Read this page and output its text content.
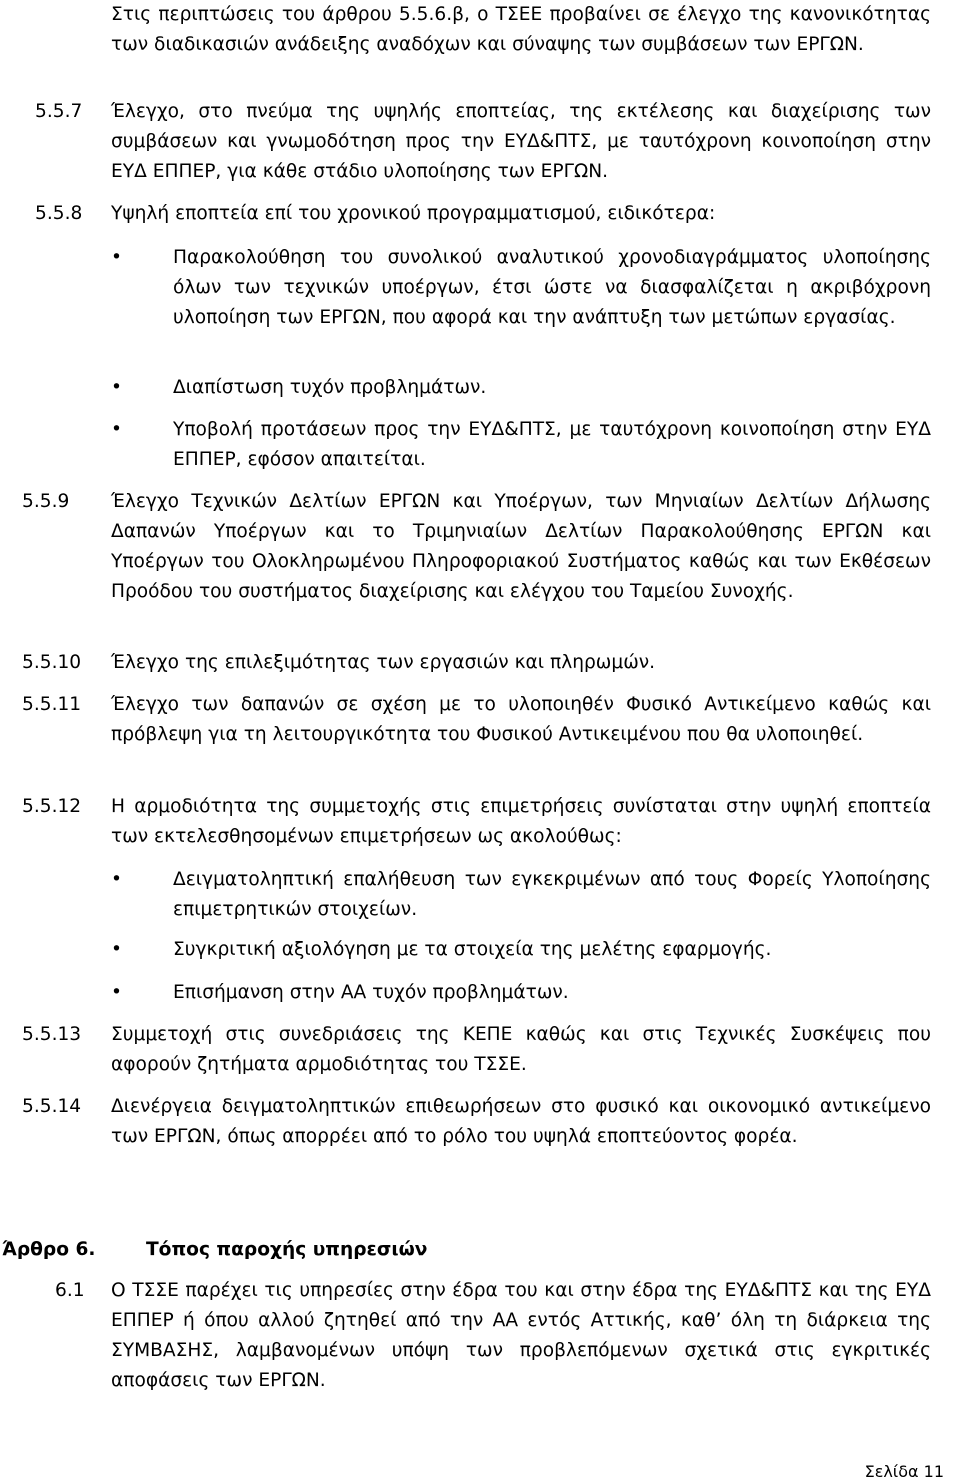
Στις περιπτώσεις του άρθρου 5.5.6.β, ο ΤΣΕΕ προβαίνει σε έλεγχο της κανονικότητας των διαδικασιών ανάδειξης αναδόχων και σύναψης των συμβάσεων των ΕΡΓΩΝ.
5.5.7 Έλεγχο, στο πνεύμα της υψηλής εποπτείας, της εκτέλεσης και διαχείρισης των συμβάσεων και γνωμοδότηση προς την ΕΥΔ&ΠΤΣ, με ταυτόχρονη κοινοποίηση στην ΕΥΔ ΕΠΠΕΡ, για κάθε στάδιο υλοποίησης των ΕΡΓΩΝ.
5.5.8 Υψηλή εποπτεία επί του χρονικού προγραμματισμού, ειδικότερα:
•	Παρακολούθηση του συνολικού αναλυτικού χρονοδιαγράμματος υλοποίησης όλων των τεχνικών υποέργων, έτσι ώστε να διασφαλίζεται η ακριβόχρονη υλοποίηση των ΕΡΓΩΝ, που αφορά και την ανάπτυξη των μετώπων εργασίας.
•	Διαπίστωση τυχόν προβλημάτων.
•	Υποβολή προτάσεων προς την ΕΥΔ&ΠΤΣ, με ταυτόχρονη κοινοποίηση στην ΕΥΔ ΕΠΠΕΡ, εφόσον απαιτείται.
5.5.9 Έλεγχο Τεχνικών Δελτίων ΕΡΓΩΝ και Υποέργων, των Μηνιαίων Δελτίων Δήλωσης Δαπανών Υποέργων και το Τριμηνιαίων Δελτίων Παρακολούθησης ΕΡΓΩΝ και Υποέργων του Ολοκληρωμένου Πληροφοριακού Συστήματος καθώς και των Εκθέσεων Προόδου του συστήματος διαχείρισης και ελέγχου του Ταμείου Συνοχής.
5.5.10 Έλεγχο της επιλεξιμότητας των εργασιών και πληρωμών.
5.5.11 Έλεγχο των δαπανών σε σχέση με το υλοποιηθέν Φυσικό Αντικείμενο καθώς και πρόβλεψη για τη λειτουργικότητα του Φυσικού Αντικειμένου που θα υλοποιηθεί.
5.5.12 Η αρμοδιότητα της συμμετοχής στις επιμετρήσεις συνίσταται στην υψηλή εποπτεία των εκτελεσθησομένων επιμετρήσεων ως ακολούθως:
•	Δειγματοληπτική επαλήθευση των εγκεκριμένων από τους Φορείς Υλοποίησης επιμετρητικών στοιχείων.
•	Συγκριτική αξιολόγηση με τα στοιχεία της μελέτης εφαρμογής.
•	Επισήμανση στην ΑΑ τυχόν προβλημάτων.
5.5.13 Συμμετοχή στις συνεδριάσεις της ΚΕΠΕ καθώς και στις Τεχνικές Συσκέψεις που αφορούν ζητήματα αρμοδιότητας του ΤΣΣΕ.
5.5.14 Διενέργεια δειγματοληπτικών επιθεωρήσεων στο φυσικό και οικονομικό αντικείμενο των ΕΡΓΩΝ, όπως απορρέει από το ρόλο του υψηλά εποπτεύοντος φορέα.
Άρθρο 6.	Τόπος παροχής υπηρεσιών
6.1 Ο ΤΣΣΕ παρέχει τις υπηρεσίες στην έδρα του και στην έδρα της ΕΥΔ&ΠΤΣ και της ΕΥΔ ΕΠΠΕΡ ή όπου αλλού ζητηθεί από την ΑΑ εντός Αττικής, καθ’ όλη τη διάρκεια της ΣΥΜΒΑΣΗΣ, λαμβανομένων υπόψη των προβλεπόμενων σχετικά στις εγκριτικές αποφάσεις των ΕΡΓΩΝ.
Σελίδα 11
